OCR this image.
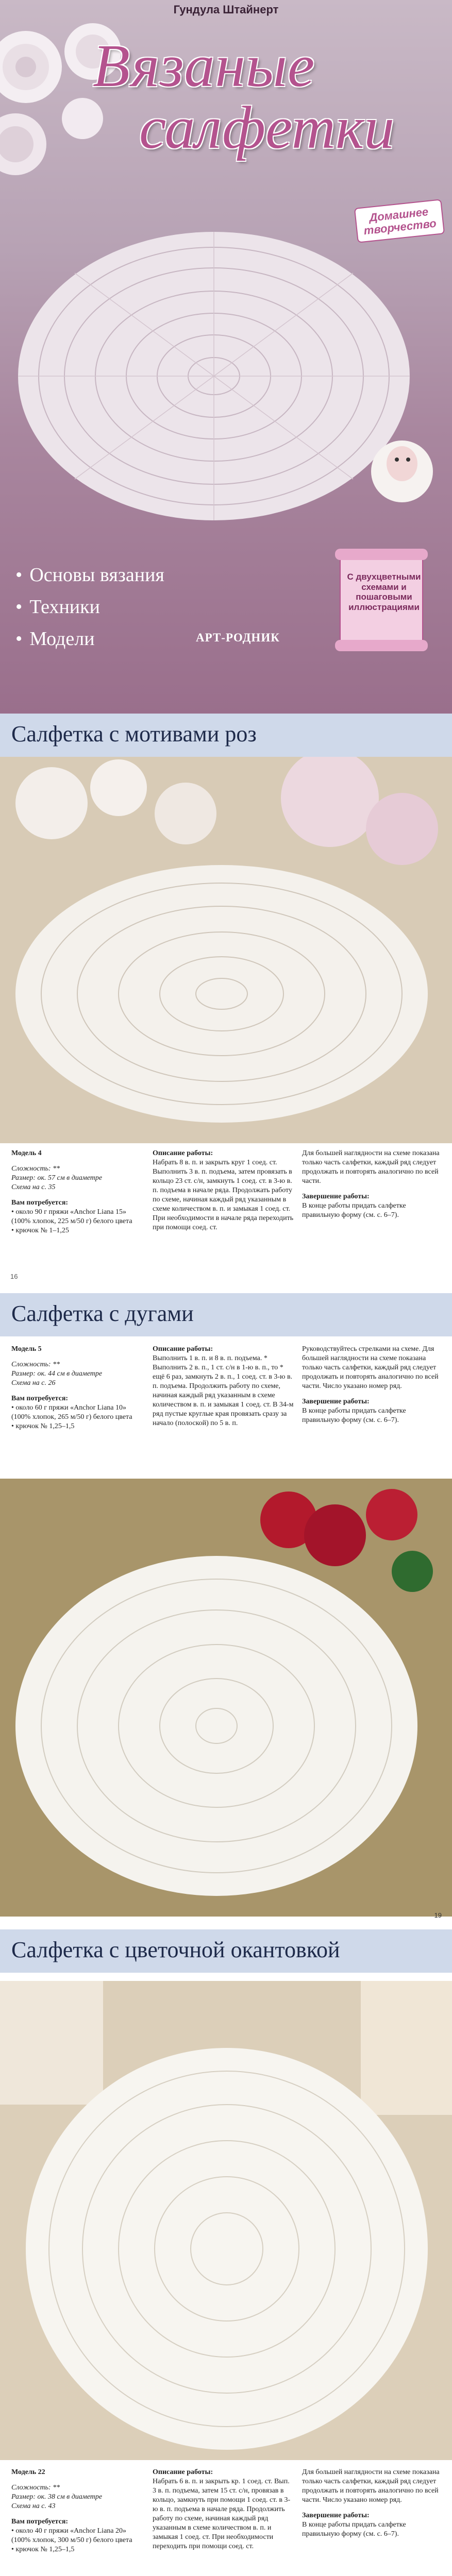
Гундула Штайнерт
Вязаные
салфетки
Домашнее творчество
• Основы вязания
• Техники
• Модели	АРТ-РОДНИК
С двухцветными схемами и пошаговыми иллюстрациями
Салфетка с мотивами роз
Модель 4
Сложность: **
Размер: ок. 57 см в диаметре
Схема на с. 35
Вам потребуется:
• около 90 г пряжи «Anchor Liana 15» (100% хлопок, 225 м/50 г) белого цвета
• крючок № 1–1,25
Описание работы:
Набрать 8 в. п. и закрыть круг 1 соед. ст. Выполнить 3 в. п. подъема, затем провязать в кольцо 23 ст. с/н, замкнуть 1 соед. ст. в 3-ю в. п. подъема в начале ряда. Продолжать работу по схеме, начиная каждый ряд указанным в схеме количеством в. п. и замыкая 1 соед. ст. При необходимости в начале ряда переходить при помощи соед. ст.
Для большей наглядности на схеме показана только часть салфетки, каждый ряд следует продолжать и повторять аналогично по всей части.
Завершение работы:
В конце работы придать салфетке правильную форму (см. с. 6–7).
16
Салфетка с дугами
Модель 5
Сложность: **
Размер: ок. 44 см в диаметре
Схема на с. 26
Вам потребуется:
• около 60 г пряжи «Anchor Liana 10» (100% хлопок, 265 м/50 г) белого цвета
• крючок № 1,25–1,5
Описание работы:
Выполнить 1 в. п. и 8 в. п. подъема. * Выполнить 2 в. п., 1 ст. с/н в 1-ю в. п., то * ещё 6 раз, замкнуть 2 в. п., 1 соед. ст. в 3-ю в. п. подъема. Продолжить работу по схеме, начиная каждый ряд указанным в схеме количеством в. п. и замыкая 1 соед. ст. В 34-м ряд пустые круглые края провязать сразу за начало (полоской) по 5 в. п.
Руководствуйтесь стрелками на схеме. Для большей наглядности на схеме показана только часть салфетки, каждый ряд следует продолжать и повторять аналогично по всей части. Число указано номер ряд.
Завершение работы:
В конце работы придать салфетке правильную форму (см. с. 6–7).
19
Салфетка с цветочной окантовкой
Модель 22
Сложность: **
Размер: ок. 38 см в диаметре
Схема на с. 43
Вам потребуется:
• около 40 г пряжи «Anchor Liana 20» (100% хлопок, 300 м/50 г) белого цвета
• крючок № 1,25–1,5
Описание работы:
Набрать 6 в. п. и закрыть кр. 1 соед. ст. Вып. 3 в. п. подъема, затем 15 ст. с/н, провязав в кольцо, замкнуть при помощи 1 соед. ст. в 3-ю в. п. подъема в начале ряда. Продолжить работу по схеме, начиная каждый ряд указанным в схеме количеством в. п. и замыкая 1 соед. ст. При необходимости переходить при помощи соед. ст.
Для большей наглядности на схеме показана только часть салфетки, каждый ряд следует продолжать и повторять аналогично по всей части. Число указано номер ряд.
Завершение работы:
В конце работы придать салфетке правильную форму (см. с. 6–7).
